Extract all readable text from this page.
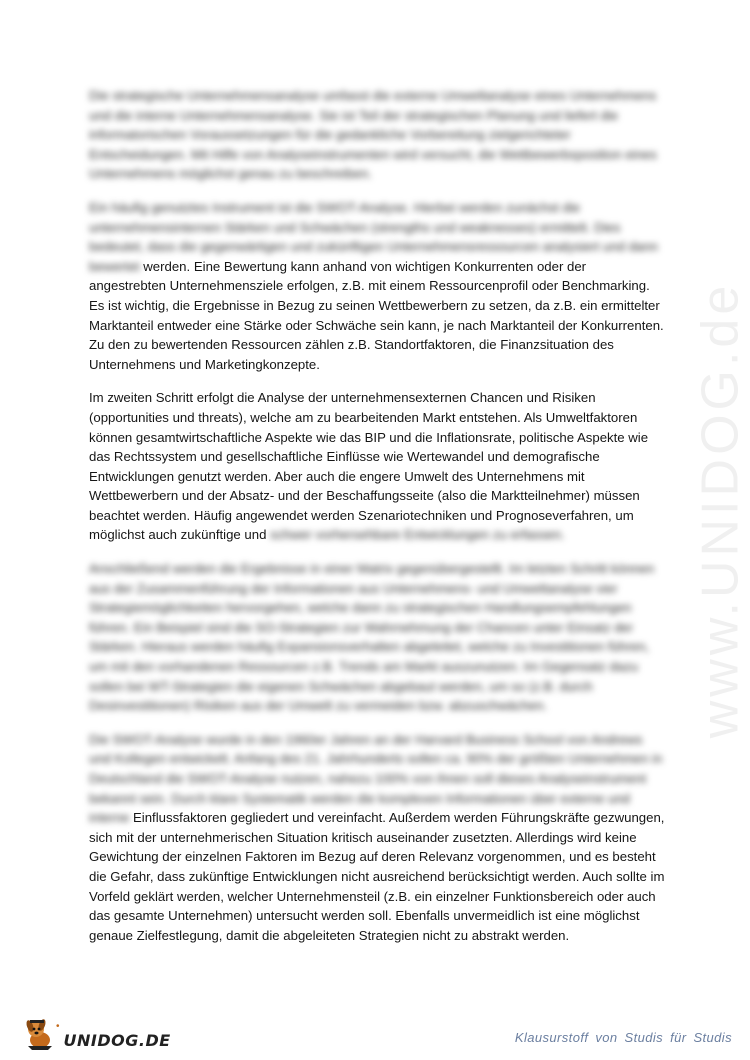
www.UNIDOG.de

Die strategische Unternehmensanalyse umfasst die externe Umweltanalyse eines Unternehmens und die interne Unternehmensanalyse. Sie ist Teil der strategischen Planung und liefert die informatorischen Voraussetzungen für die gedankliche Vorbereitung zielgerichteter Entscheidungen. Mit Hilfe von Analyseinstrumenten wird versucht, die Wettbewerbsposition eines Unternehmens möglichst genau zu beschreiben.

Ein häufig genutztes Instrument ist die SWOT-Analyse. Hierbei werden zunächst die unternehmensinternen Stärken und Schwächen (strengths und weaknesses) ermittelt. Dies bedeutet, dass die gegenwärtigen und zukünftigen Unternehmensressourcen analysiert und dann bewertet werden. Eine Bewertung kann anhand von wichtigen Konkurrenten oder der angestrebten Unternehmensziele erfolgen, z.B. mit einem Ressourcenprofil oder Benchmarking. Es ist wichtig, die Ergebnisse in Bezug zu seinen Wettbewerbern zu setzen, da z.B. ein ermittelter Marktanteil entweder eine Stärke oder Schwäche sein kann, je nach Marktanteil der Konkurrenten. Zu den zu bewertenden Ressourcen zählen z.B. Standortfaktoren, die Finanzsituation des Unternehmens und Marketingkonzepte.

Im zweiten Schritt erfolgt die Analyse der unternehmensexternen Chancen und Risiken (opportunities und threats), welche am zu bearbeitenden Markt entstehen. Als Umweltfaktoren können gesamtwirtschaftliche Aspekte wie das BIP und die Inflationsrate, politische Aspekte wie das Rechtssystem und gesellschaftliche Einflüsse wie Wertewandel und demografische Entwicklungen genutzt werden. Aber auch die engere Umwelt des Unternehmens mit Wettbewerbern und der Absatz- und der Beschaffungsseite (also die Marktteilnehmer) müssen beachtet werden. Häufig angewendet werden Szenariotechniken und Prognoseverfahren, um möglichst auch zukünftige und schwer vorhersehbare Entwicklungen zu erfassen.

Anschließend werden die Ergebnisse in einer Matrix gegenübergestellt. Im letzten Schritt können aus der Zusammenführung der Informationen aus Unternehmens- und Umweltanalyse vier Strategiemöglichkeiten hervorgehen, welche dann zu strategischen Handlungsempfehlungen führen. Ein Beispiel sind die SO-Strategien zur Wahrnehmung der Chancen unter Einsatz der Stärken. Hieraus werden häufig Expansionsverhalten abgeleitet, welche zu Investitionen führen, um mit den vorhandenen Ressourcen z.B. Trends am Markt auszunutzen. Im Gegensatz dazu sollen bei WT-Strategien die eigenen Schwächen abgebaut werden, um so (z.B. durch Desinvestitionen) Risiken aus der Umwelt zu vermeiden bzw. abzuschwächen.

Die SWOT-Analyse wurde in den 1960er Jahren an der Harvard Business School von Andrews und Kollegen entwickelt. Anfang des 21. Jahrhunderts sollen ca. 90% der größten Unternehmen in Deutschland die SWOT-Analyse nutzen, nahezu 100% von ihnen soll dieses Analyseinstrument bekannt sein. Durch klare Systematik werden die komplexen Informationen über externe und interne Einflussfaktoren gegliedert und vereinfacht. Außerdem werden Führungskräfte gezwungen, sich mit der unternehmerischen Situation kritisch auseinander zusetzten. Allerdings wird keine Gewichtung der einzelnen Faktoren im Bezug auf deren Relevanz vorgenommen, und es besteht die Gefahr, dass zukünftige Entwicklungen nicht ausreichend berücksichtigt werden. Auch sollte im Vorfeld geklärt werden, welcher Unternehmensteil (z.B. ein einzelner Funktionsbereich oder auch das gesamte Unternehmen) untersucht werden soll. Ebenfalls unvermeidlich ist eine möglichst genaue Zielfestlegung, damit die abgeleiteten Strategien nicht zu abstrakt werden.

•
UNIDOG.DE	Klausurstoff von Studis für Studis
